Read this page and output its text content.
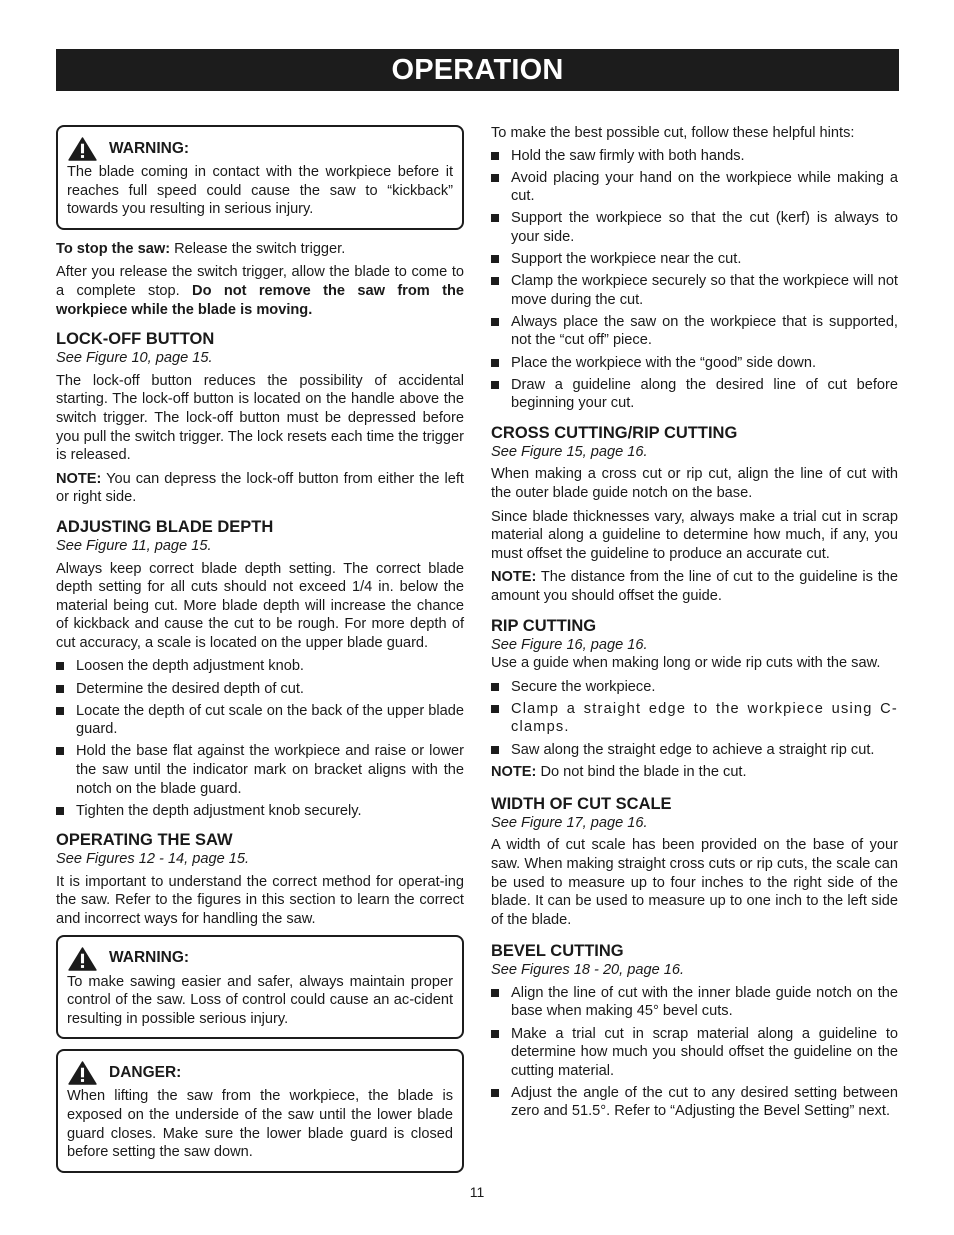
OPERATION
WARNING:

The blade coming in contact with the workpiece before it reaches full speed could cause the saw to “kickback” towards you resulting in serious injury.

To stop the saw: Release the switch trigger.

After you release the switch trigger, allow the blade to come to a complete stop. Do not remove the saw from the workpiece while the blade is moving.

LOCK-OFF BUTTON
See Figure 10, page 15.

The lock-off button reduces the possibility of accidental starting. The lock-off button is located on the handle above the switch trigger. The lock-off button must be depressed before you pull the switch trigger. The lock resets each time the trigger is released.

NOTE: You can depress the lock-off button from either the left or right side.

ADJUSTING BLADE DEPTH
See Figure 11, page 15.

Always keep correct blade depth setting. The correct blade depth setting for all cuts should not exceed 1/4 in. below the material being cut. More blade depth will increase the chance of kickback and cause the cut to be rough. For more depth of cut accuracy, a scale is located on the upper blade guard.

Loosen the depth adjustment knob.
Determine the desired depth of cut.
Locate the depth of cut scale on the back of the upper blade guard.
Hold the base flat against the workpiece and raise or lower the saw until the indicator mark on bracket aligns with the notch on the blade guard.
Tighten the depth adjustment knob securely.
OPERATING THE SAW
See Figures 12 - 14, page 15.

It is important to understand the correct method for operat-ing the saw. Refer to the figures in this section to learn the correct and incorrect ways for handling the saw.

WARNING:

To make sawing easier and safer, always maintain proper control of the saw. Loss of control could cause an ac-cident resulting in possible serious injury.

DANGER:

When lifting the saw from the workpiece, the blade is exposed on the underside of the saw until the lower blade guard closes. Make sure the lower blade guard is closed before setting the saw down.

To make the best possible cut, follow these helpful hints:

Hold the saw firmly with both hands.
Avoid placing your hand on the workpiece while making a cut.
Support the workpiece so that the cut (kerf) is always to your side.
Support the workpiece near the cut.
Clamp the workpiece securely so that the workpiece will not move during the cut.
Always place the saw on the workpiece that is supported, not the “cut off” piece.
Place the workpiece with the “good” side down.
Draw a guideline along the desired line of cut before beginning your cut.
CROSS CUTTING/RIP CUTTING
See Figure 15, page 16.

When making a cross cut or rip cut, align the line of cut with the outer blade guide notch on the base.

Since blade thicknesses vary, always make a trial cut in scrap material along a guideline to determine how much, if any, you must offset the guideline to produce an accurate cut.

NOTE: The distance from the line of cut to the guideline is the amount you should offset the guide.

RIP CUTTING
See Figure 16, page 16.

Use a guide when making long or wide rip cuts with the saw.

Secure the workpiece.
Clamp a straight edge to the workpiece using C-clamps.
Saw along the straight edge to achieve a straight rip cut.

NOTE: Do not bind the blade in the cut.

WIDTH OF CUT SCALE
See Figure 17, page 16.

A width of cut scale has been provided on the base of your saw. When making straight cross cuts or rip cuts, the scale can be used to measure up to four inches to the right side of the blade. It can be used to measure up to one inch to the left side of the blade.

BEVEL CUTTING
See Figures 18 - 20, page 16.
Align the line of cut with the inner blade guide notch on the base when making 45° bevel cuts.
Make a trial cut in scrap material along a guideline to determine how much you should offset the guideline on the cutting material.
Adjust the angle of the cut to any desired setting between zero and 51.5°. Refer to “Adjusting the Bevel Setting” next.
11
